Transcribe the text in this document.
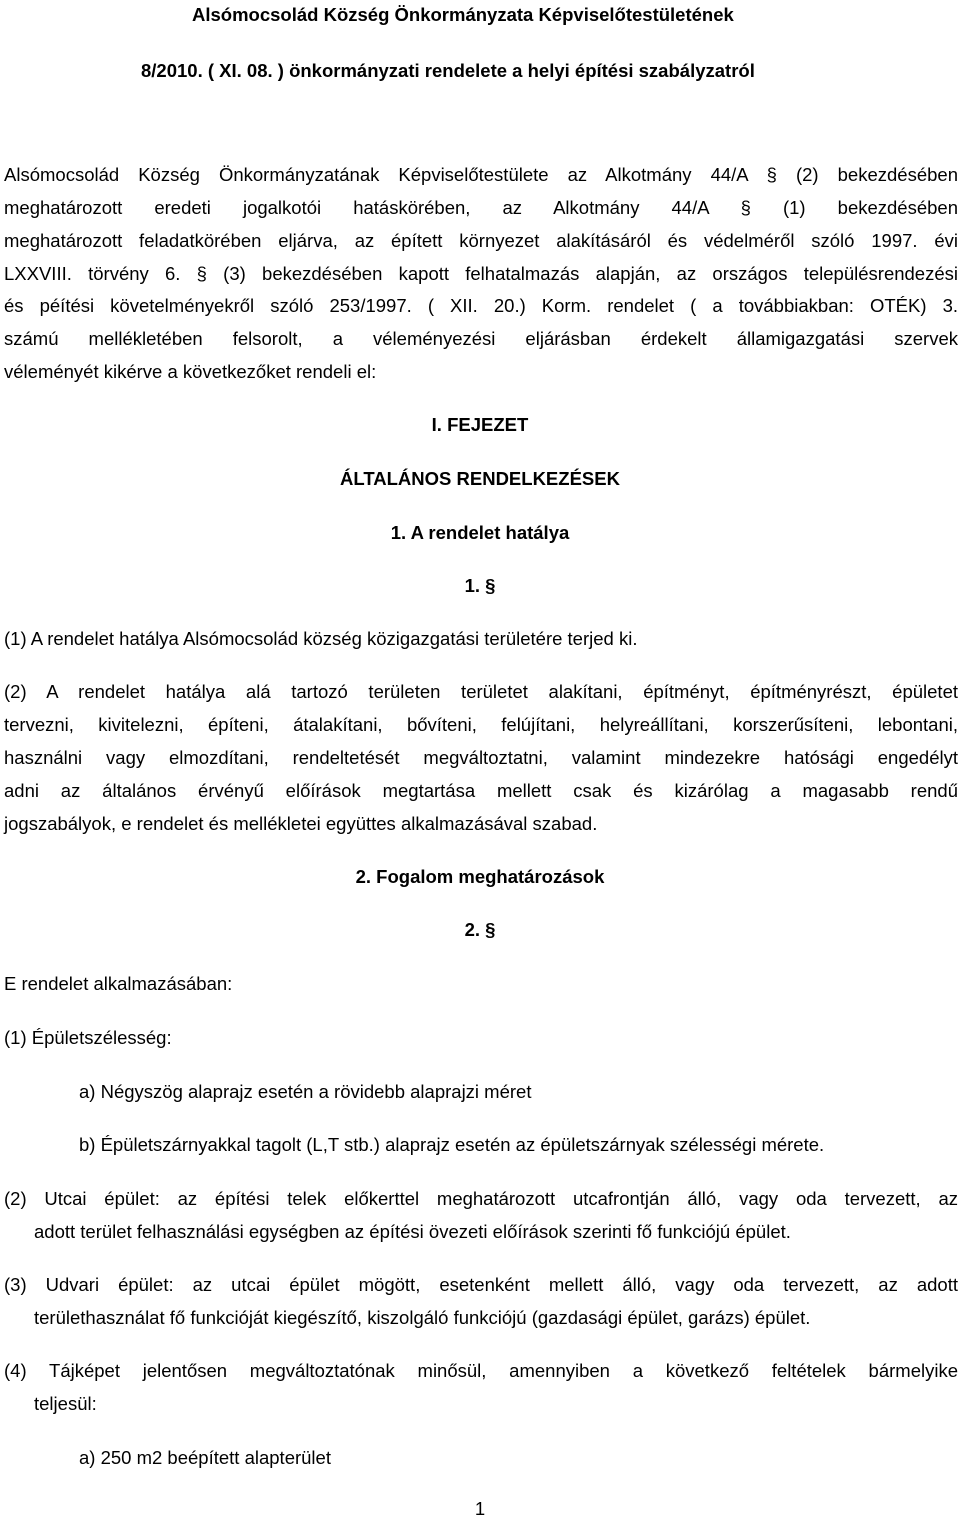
Alsómocsolád Község Önkormányzata Képviselőtestületének

8/2010. ( XI. 08. ) önkormányzati rendelete a helyi építési szabályzatról

Alsómocsolád Község Önkormányzatának Képviselőtestülete az Alkotmány 44/A § (2) bekezdésében

meghatározott eredeti jogalkotói hatáskörében, az Alkotmány 44/A § (1) bekezdésében

meghatározott feladatkörében eljárva, az épített környezet alakításáról és védelméről szóló 1997. évi

LXXVIII. törvény 6. § (3) bekezdésében kapott felhatalmazás alapján, az országos településrendezési

és péítési követelményekről szóló 253/1997. ( XII. 20.) Korm. rendelet ( a továbbiakban: OTÉK) 3.

számú mellékletében felsorolt, a véleményezési eljárásban érdekelt államigazgatási szervek

véleményét kikérve a következőket rendeli el:

I. FEJEZET

ÁLTALÁNOS RENDELKEZÉSEK

1. A rendelet hatálya

1. §

(1) A rendelet hatálya Alsómocsolád község közigazgatási területére terjed ki.

(2) A rendelet hatálya alá tartozó területen területet alakítani, építményt, építményrészt, épületet

tervezni, kivitelezni, építeni, átalakítani, bővíteni, felújítani, helyreállítani, korszerűsíteni, lebontani,

használni vagy elmozdítani, rendeltetését megváltoztatni, valamint mindezekre hatósági engedélyt

adni az általános érvényű előírások megtartása mellett csak és kizárólag a magasabb rendű

jogszabályok, e rendelet és mellékletei együttes alkalmazásával szabad.

2. Fogalom meghatározások

2. §

E rendelet alkalmazásában:

(1) Épületszélesség:

a) Négyszög alaprajz esetén a rövidebb alaprajzi méret

b) Épületszárnyakkal tagolt (L,T stb.) alaprajz esetén az épületszárnyak szélességi mérete.

(2) Utcai épület: az építési telek előkerttel meghatározott utcafrontján álló, vagy oda tervezett, az

adott terület felhasználási egységben az építési övezeti előírások szerinti fő funkciójú épület.

(3) Udvari épület: az utcai épület mögött, esetenként mellett álló, vagy oda tervezett, az adott

területhasználat fő funkcióját kiegészítő, kiszolgáló funkciójú (gazdasági épület, garázs) épület.

(4) Tájképet jelentősen megváltoztatónak minősül, amennyiben a következő feltételek bármelyike

teljesül:

a) 250 m2 beépített alapterület

1
